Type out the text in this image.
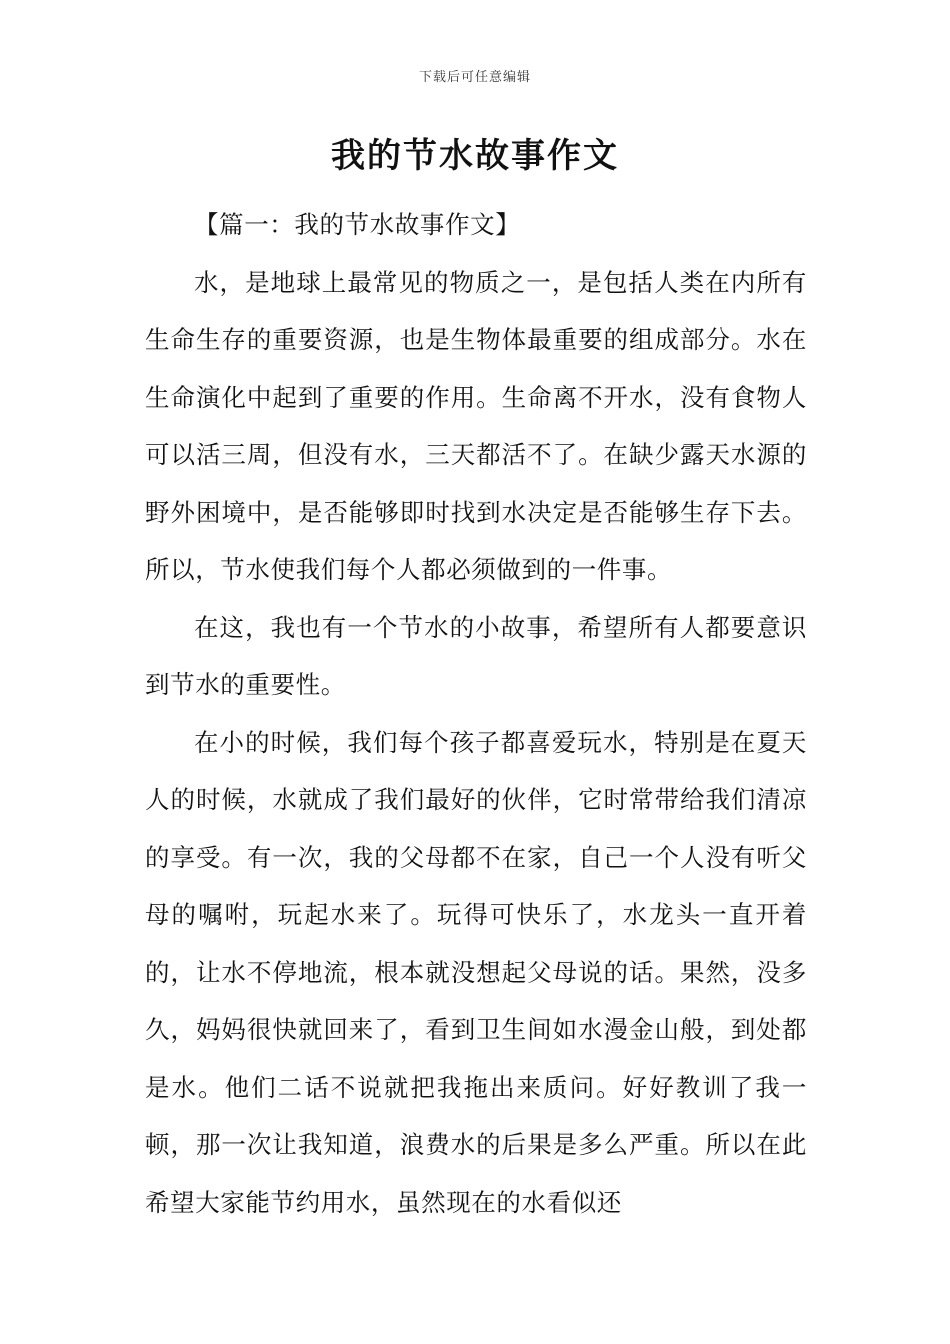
下载后可任意编辑
我的节水故事作文
【篇一：我的节水故事作文】

水，是地球上最常见的物质之一，是包括人类在内所有生命生存的重要资源，也是生物体最重要的组成部分。水在生命演化中起到了重要的作用。生命离不开水，没有食物人可以活三周，但没有水，三天都活不了。在缺少露天水源的野外困境中，是否能够即时找到水决定是否能够生存下去。所以，节水使我们每个人都必须做到的一件事。

在这，我也有一个节水的小故事，希望所有人都要意识到节水的重要性。

在小的时候，我们每个孩子都喜爱玩水，特别是在夏天人的时候，水就成了我们最好的伙伴，它时常带给我们清凉的享受。有一次，我的父母都不在家，自己一个人没有听父母的嘱咐，玩起水来了。玩得可快乐了，水龙头一直开着的，让水不停地流，根本就没想起父母说的话。果然，没多久，妈妈很快就回来了，看到卫生间如水漫金山般，到处都是水。他们二话不说就把我拖出来质问。好好教训了我一顿，那一次让我知道，浪费水的后果是多么严重。所以在此希望大家能节约用水，虽然现在的水看似还
